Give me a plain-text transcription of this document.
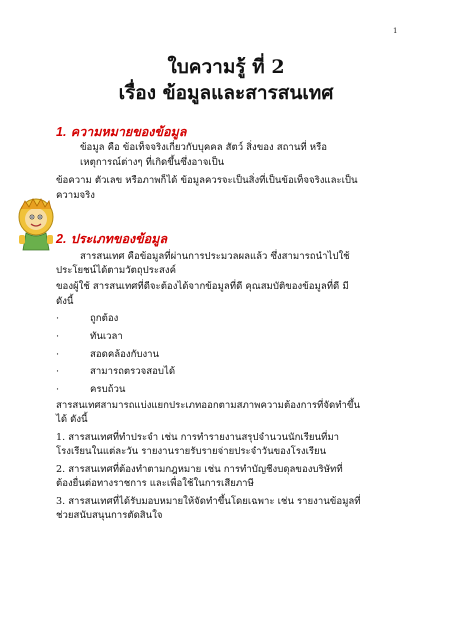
1
ใบความรู้ ที่ 2
เรื่อง ข้อมูลและสารสนเทศ
1. ความหมายของข้อมูล
ข้อมูล คือ ข้อเท็จจริงเกี่ยวกับบุคคล สัตว์ สิ่งของ สถานที่ หรือ
เหตุการณ์ต่างๆ ที่เกิดขึ้นซึ่งอาจเป็น
ข้อความ ตัวเลข หรือภาพก็ได้ ข้อมูลควรจะเป็นสิ่งที่เป็นข้อเท็จจริงและเป็น
ความจริง
2. ประเภทของข้อมูล
สารสนเทศ คือข้อมูลที่ผ่านการประมวลผลแล้ว ซึ่งสามารถนำไปใช้
ประโยชน์ได้ตามวัตถุประสงค์
ของผู้ใช้ สารสนเทศที่ดีจะต้องได้จากข้อมูลที่ดี คุณสมบัติของข้อมูลที่ดี มี
ดังนี้
·	ถูกต้อง
·	ทันเวลา
·	สอดคล้องกับงาน
·	สามารถตรวจสอบได้
·	ครบถ้วน
สารสนเทศสามารถแบ่งแยกประเภทออกตามสภาพความต้องการที่จัดทำขึ้น
ได้ ดังนี้
1. สารสนเทศที่ทำประจำ เช่น การทำรายงานสรุปจำนวนนักเรียนที่มา
โรงเรียนในแต่ละวัน รายงานรายรับรายจ่ายประจำวันของโรงเรียน
2. สารสนเทศที่ต้องทำตามกฎหมาย เช่น การทำบัญชีงบดุลของบริษัทที่
ต้องยื่นต่อทางราชการ และเพื่อใช้ในการเสียภาษี
3. สารสนเทศที่ได้รับมอบหมายให้จัดทำขึ้นโดยเฉพาะ เช่น รายงานข้อมูลที่
ช่วยสนับสนุนการตัดสินใจ
